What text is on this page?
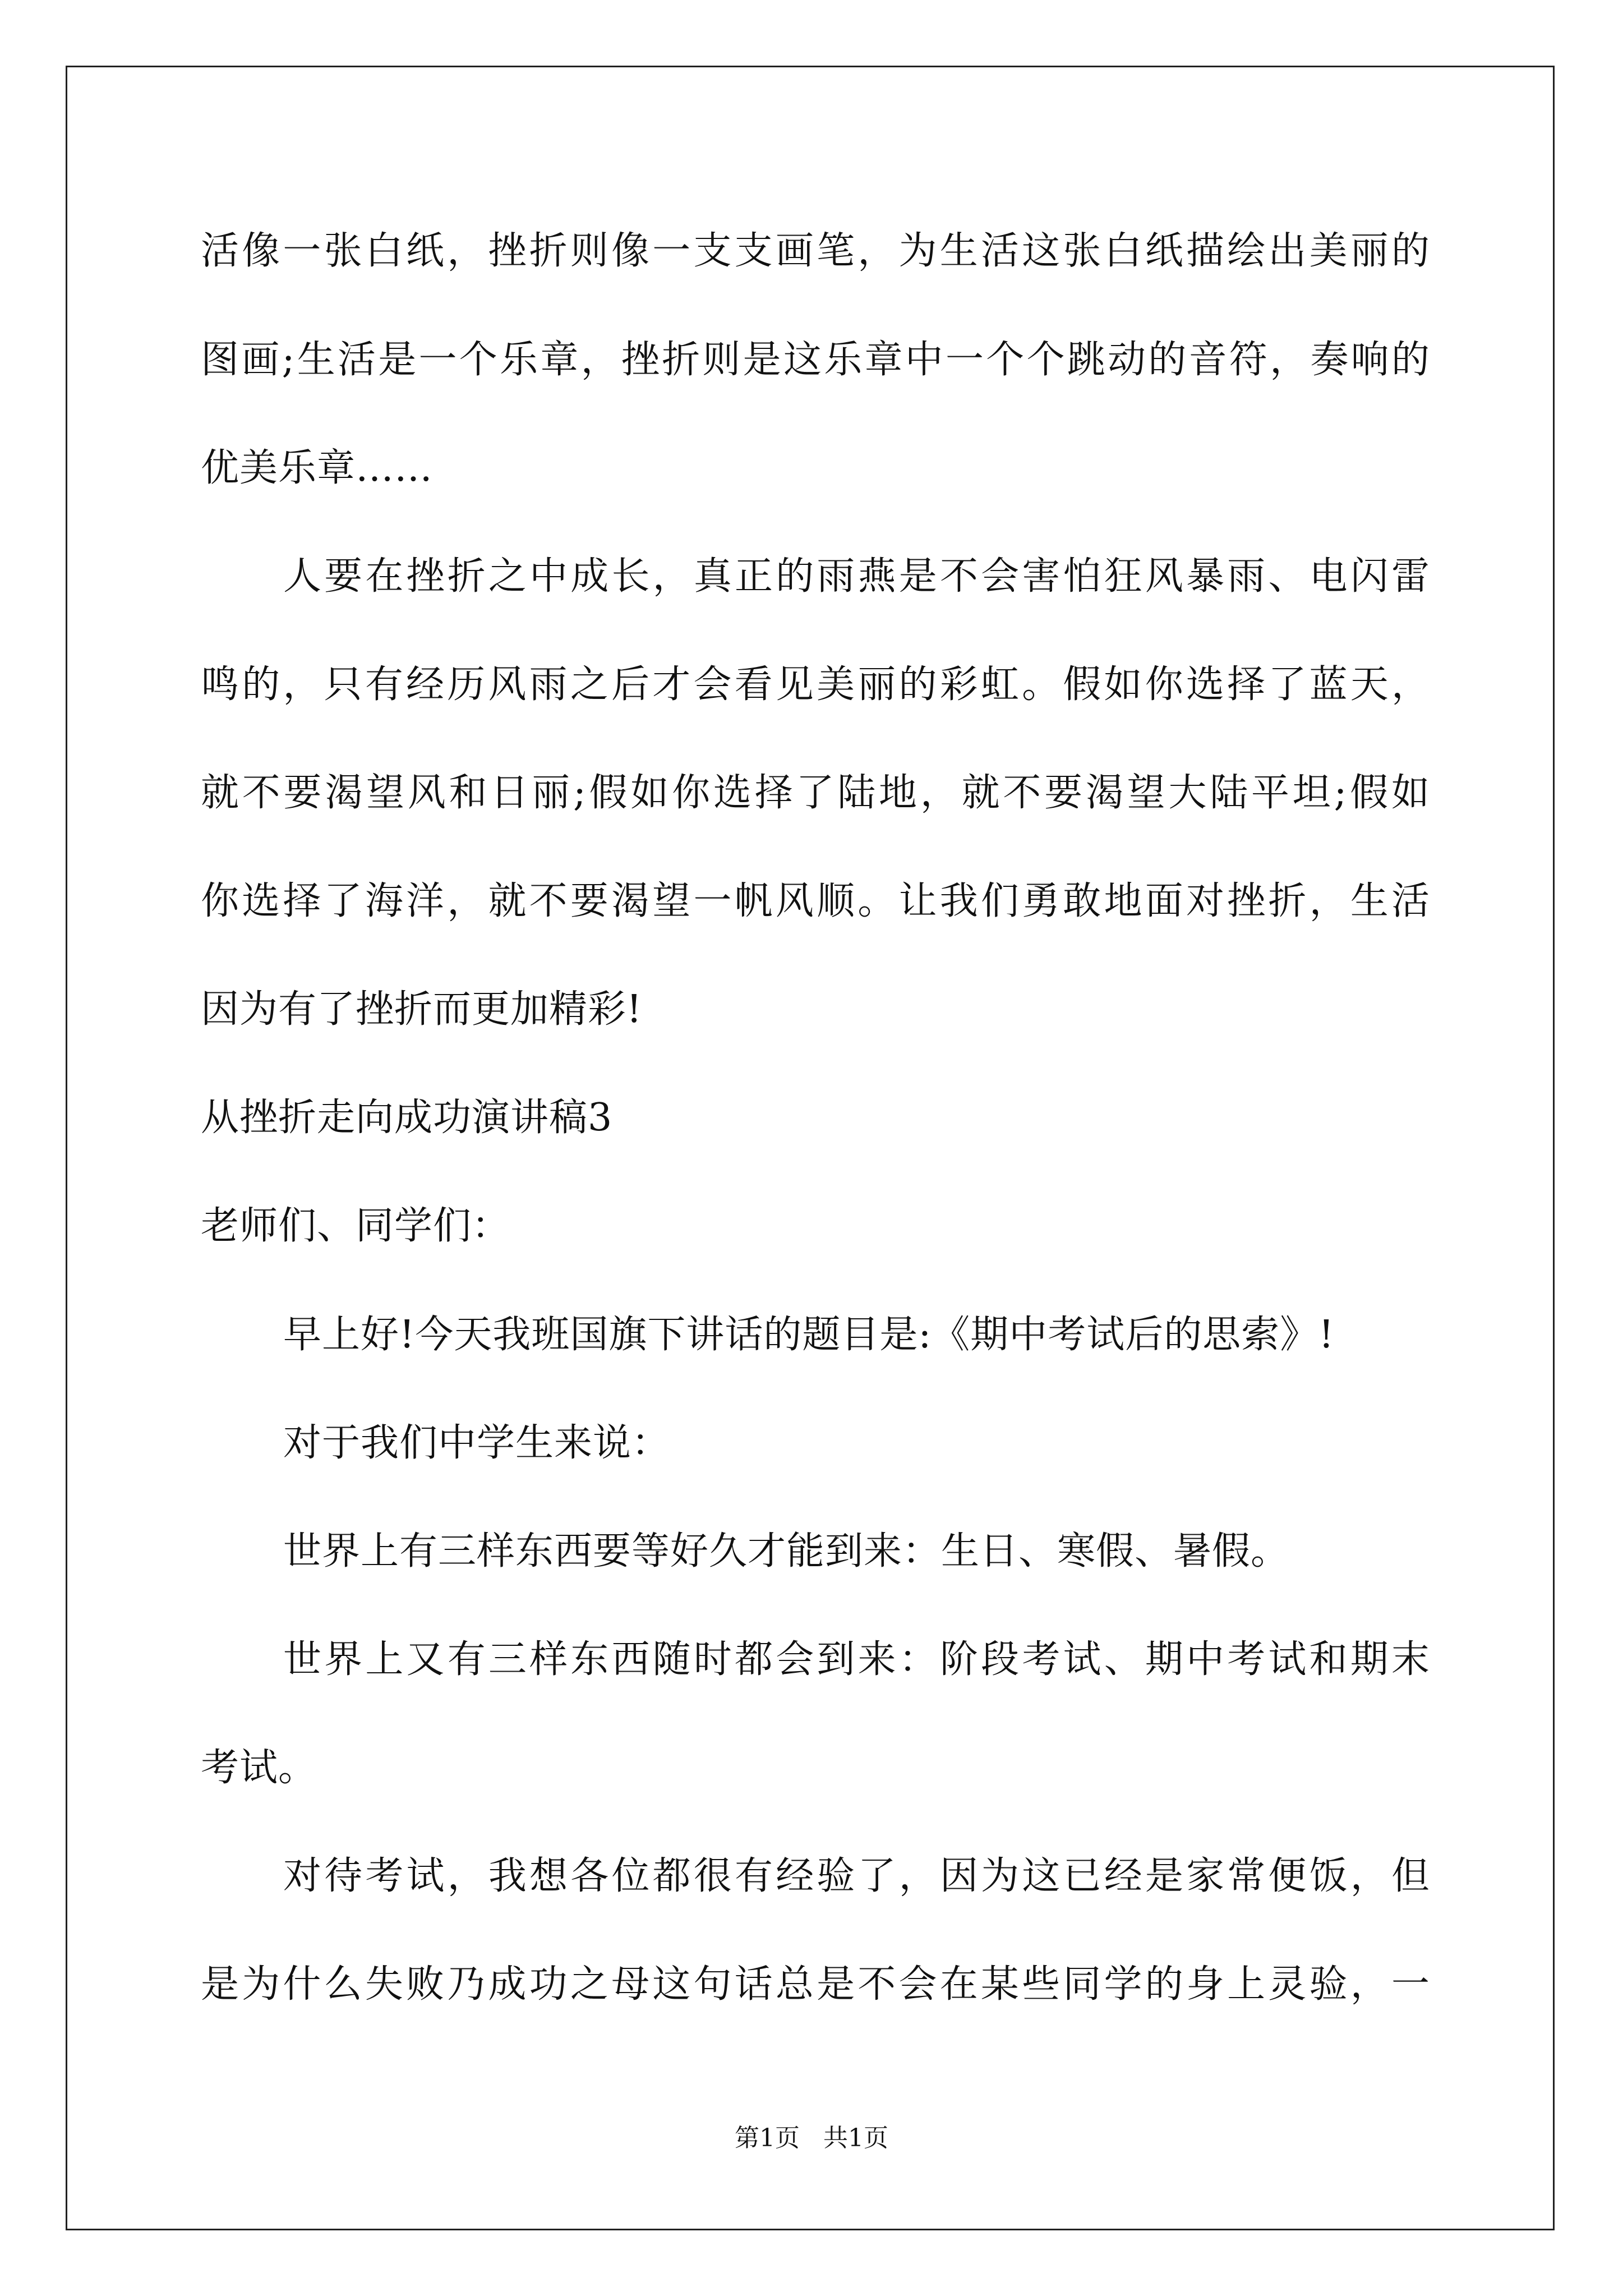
活像一张白纸，挫折则像一支支画笔，为生活这张白纸描绘出美丽的
图画;生活是一个乐章，挫折则是这乐章中一个个跳动的音符，奏响的
优美乐章……
人要在挫折之中成长，真正的雨燕是不会害怕狂风暴雨、电闪雷
鸣的，只有经历风雨之后才会看见美丽的彩虹。假如你选择了蓝天，
就不要渴望风和日丽;假如你选择了陆地，就不要渴望大陆平坦;假如
你选择了海洋，就不要渴望一帆风顺。让我们勇敢地面对挫折，生活
因为有了挫折而更加精彩!
从挫折走向成功演讲稿3
老师们、同学们：
早上好!今天我班国旗下讲话的题目是:《期中考试后的思索》!
对于我们中学生来说：
世界上有三样东西要等好久才能到来：生日、寒假、暑假。
世界上又有三样东西随时都会到来：阶段考试、期中考试和期末
考试。
对待考试，我想各位都很有经验了，因为这已经是家常便饭，但
是为什么失败乃成功之母这句话总是不会在某些同学的身上灵验，一
第1页   共1页
